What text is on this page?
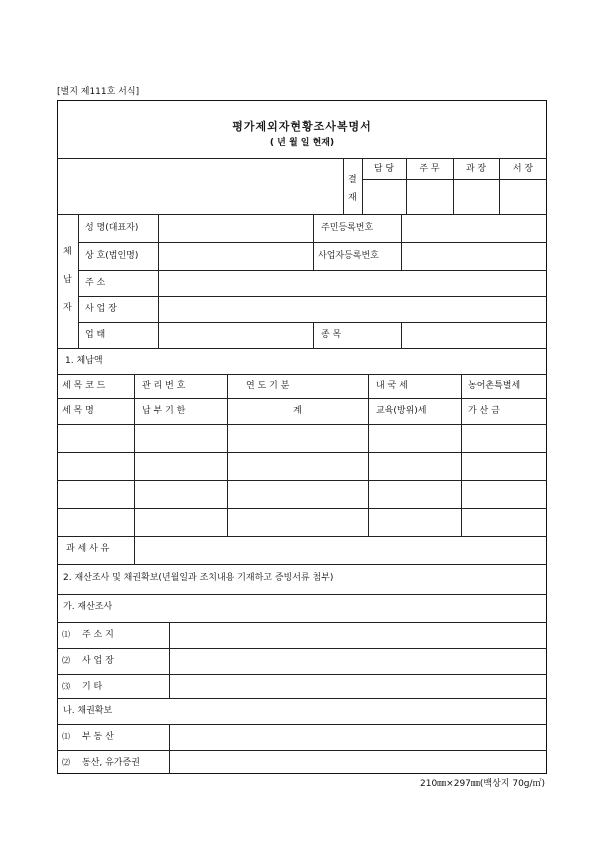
[별지 제111호 서식]
평가제외자현황조사복명서
( 년 월 일 현재)
결
재
담 당	주 무	과 장	서 장
체
납
자
성 명(대표자)	주민등록번호
상 호(법인명)	사업자등록번호
주 소
사 업 장
업 태	종 목
1. 체납액
세 목 코 드	관 리 번 호	연 도 기 분	내 국 세	농어촌특별세
세 목 명	납 부 기 한	계	교육(방위)세	가 산 금
과 세 사 유
2. 재산조사 및 채권확보(년월일과 조치내용 기재하고 증빙서류 첨부)
가. 재산조사
⑴ 주 소 지
⑵ 사 업 장
⑶ 기 타
나. 채권확보
⑴ 부 동 산
⑵ 동산, 유가증권
210㎜×297㎜(백상지 70g/㎡)
